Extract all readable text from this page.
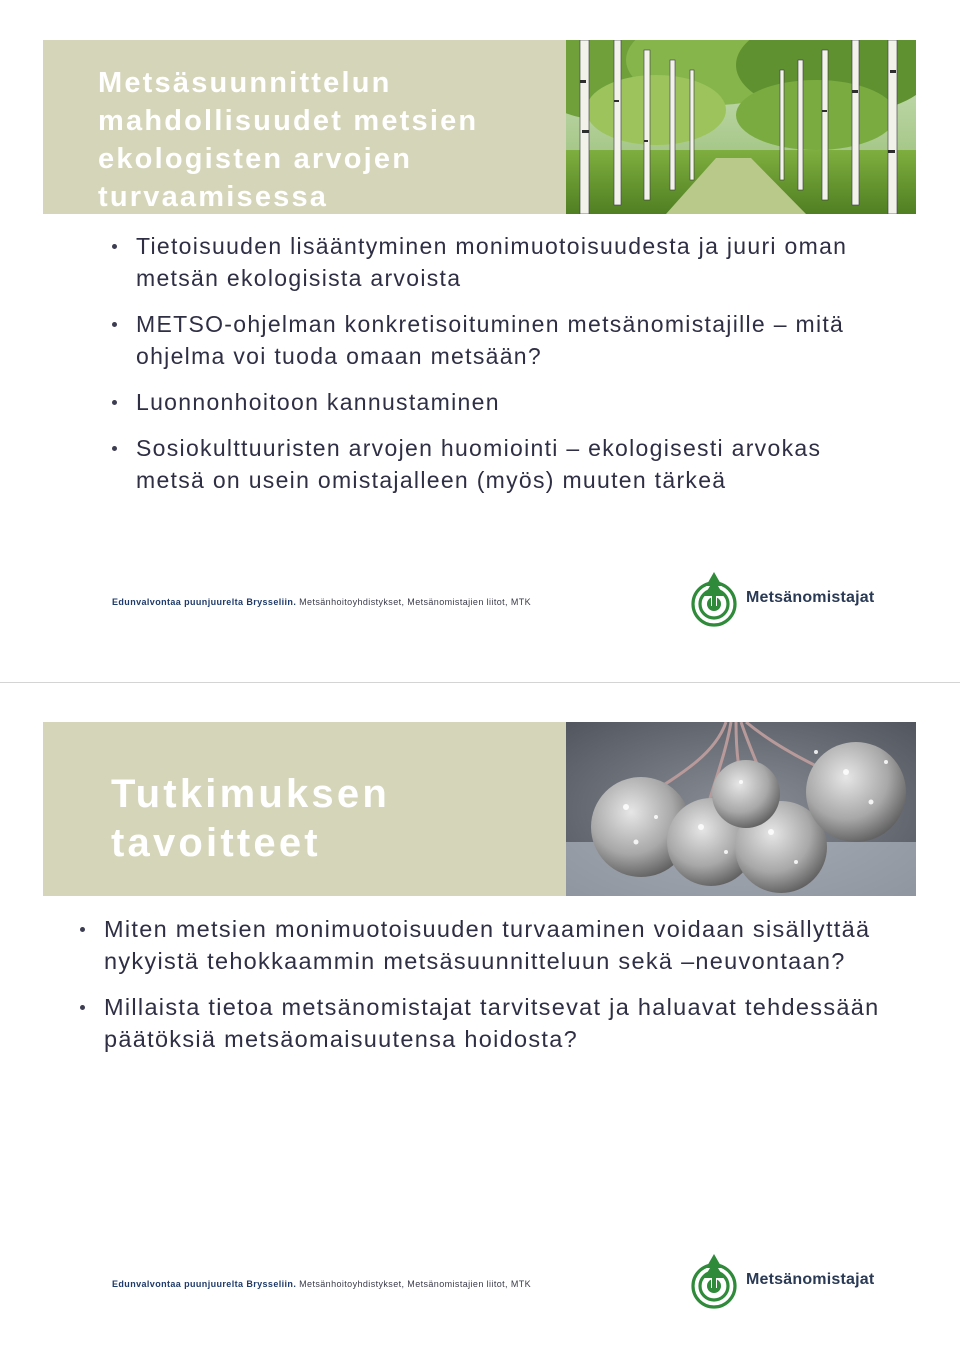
Metsäsuunnittelun mahdollisuudet metsien ekologisten arvojen turvaamisessa
Tietoisuuden lisääntyminen monimuotoisuudesta ja juuri oman metsän ekologisista arvoista
METSO-ohjelman konkretisoituminen metsänomistajille – mitä ohjelma voi tuoda omaan metsään?
Luonnonhoitoon kannustaminen
Sosiokulttuuristen arvojen huomiointi – ekologisesti arvokas metsä on usein omistajalleen (myös) muuten tärkeä
Edunvalvontaa puunjuurelta Brysseliin. Metsänhoitoyhdistykset, Metsänomistajien liitot, MTK	Metsänomistajat
Tutkimuksen tavoitteet
Miten metsien monimuotoisuuden turvaaminen voidaan sisällyttää nykyistä tehokkaammin metsäsuunnitteluun sekä –neuvontaan?
Millaista tietoa metsänomistajat tarvitsevat ja haluavat tehdessään päätöksiä metsäomaisuutensa hoidosta?
Edunvalvontaa puunjuurelta Brysseliin. Metsänhoitoyhdistykset, Metsänomistajien liitot, MTK	Metsänomistajat
